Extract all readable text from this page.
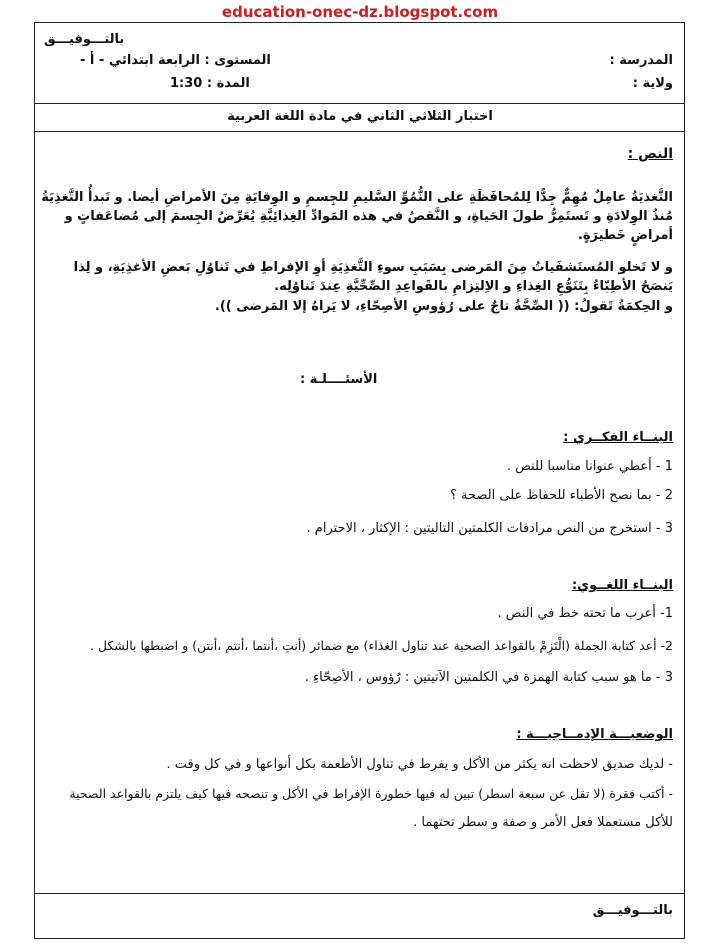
education-onec-dz.blogspot.com
بالتـــوفيـــق
المدرسة :
ولاية :
المستوى : الرابعة ابتدائي - أ -
المدة : 1:30
اختبار الثلاثي الثاني في مادة اللغة العربية
النص :
التَّغذيَةُ عامِلٌ مُهِمٌّ جِدًّا لِلمُحافَظَةِ على النُّمُوِّ السَّليمِ للجِسمِ و الوِقايَةِ مِنَ الأمراضِ أيضا. و تَبدأُ التَّغذِيَةُ مُنذُ الوِلادَةِ و تَستَمِرُّ طولَ الحَياةِ، و النَّقصُ في هذه المَوادِّ الغِذائِيَّةِ يُعَرِّضُ الجِسمَ إلى مُضاعَفاتٍ و أمراضٍ خَطيرَةٍ.
و لا تَخلو المُستَشفَياتُ مِنَ المَرضى بِسَبَبِ سوءِ التَّغذِيَةِ أوِ الإفراطِ في تَناوُلِ بَعضِ الأغذِيَةِ، و لِذا يَنصَحُ الأطِبّاءُ بِتَنَوُّعِ الغِذاءِ و الاِلتِزامِ بالقَواعِدِ الصِّحِّيَّةِ عِندَ تَناوُلِه.
و الحِكمَةُ تَقولُ: (( الصِّحَّةُ تاجٌ على رُؤوسِ الأصِحّاءِ، لا يَراهُ إلا المَرضى )).
الأسئــــلـة :
البنــاء الفكــري :
1 - أعطي عنوانا مناسبا للنص .
2 - بما نصح الأطباء للحفاظ على الصحة ؟
3 - استخرج من النص مرادفات الكلمتين التاليتين : الإكثار ، الاحترام .
البنــاء اللغــوي:
1- أعرب ما تحته خط في النص .
2- أعد كتابة الجملة (الْتَزِمْ بالقواعد الصحية عند تناول الغذاء) مع ضمائر (أنتِ ،أنتما ،أنتم ،أنتن) و اضبطها بالشكل .
3 - ما هو سبب كتابة الهمزة في الكلمتين الآتيتين : رُؤوس ، الأصِحّاءِ .
الوضعيـــة الإدمــاجيـــة :
- لديك صديق لاحظت انه يكثر من الأكل و يفرط في تناول الأطعمة بكل أنواعها و في كل وقت .
- أكتب فقرة (لا تقل عن سبعة اسطر) تبين له فيها خطورة الإفراط في الأكل و تنصحه فيها كيف يلتزم بالقواعد الصحية
للأكل مستعملا فعل الأمر و صفة و سطر تحتهما .
بالتـــوفيـــق
